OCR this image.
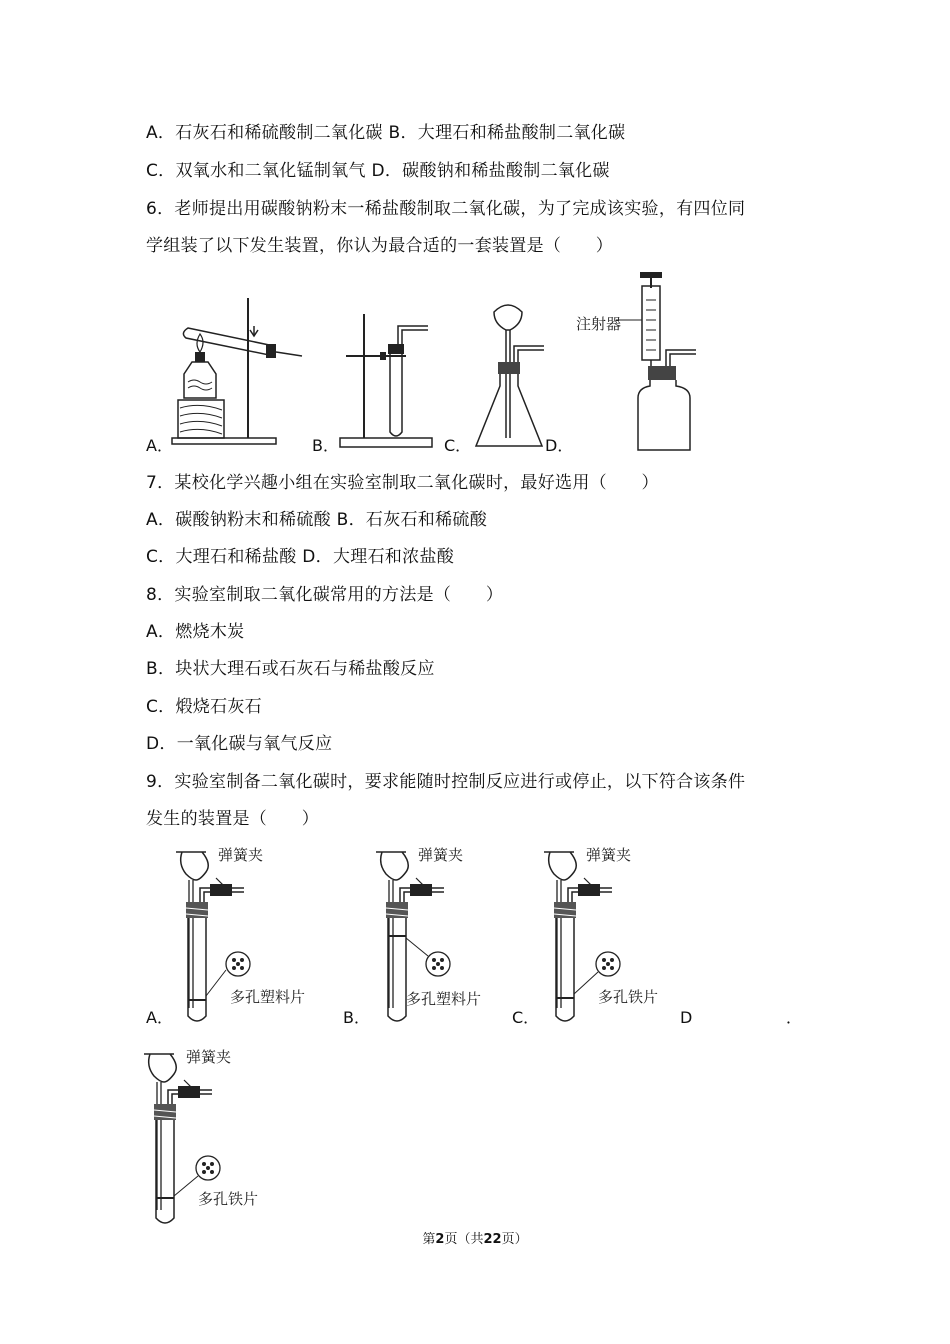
A．石灰石和稀硫酸制二氧化碳 B．大理石和稀盐酸制二氧化碳
C．双氧水和二氧化锰制氧气 D．碳酸钠和稀盐酸制二氧化碳
6．老师提出用碳酸钠粉末一稀盐酸制取二氧化碳，为了完成该实验，有四位同
学组装了以下发生装置，你认为最合适的一套装置是（　　）
A．	B．	C．
注射器
D．
7．某校化学兴趣小组在实验室制取二氧化碳时，最好选用（　　）
A．碳酸钠粉末和稀硫酸 B．石灰石和稀硫酸
C．大理石和稀盐酸 D．大理石和浓盐酸
8．实验室制取二氧化碳常用的方法是（　　）
A．燃烧木炭
B．块状大理石或石灰石与稀盐酸反应
C．煅烧石灰石
D．一氧化碳与氧气反应
9．实验室制备二氧化碳时，要求能随时控制反应进行或停止，以下符合该条件
发生的装置是（　　）
弹簧夹
多孔塑料片
A．
弹簧夹
多孔塑料片
B．
弹簧夹
多孔铁片
C．	D	．
弹簧夹
多孔铁片
第2页（共22页）
